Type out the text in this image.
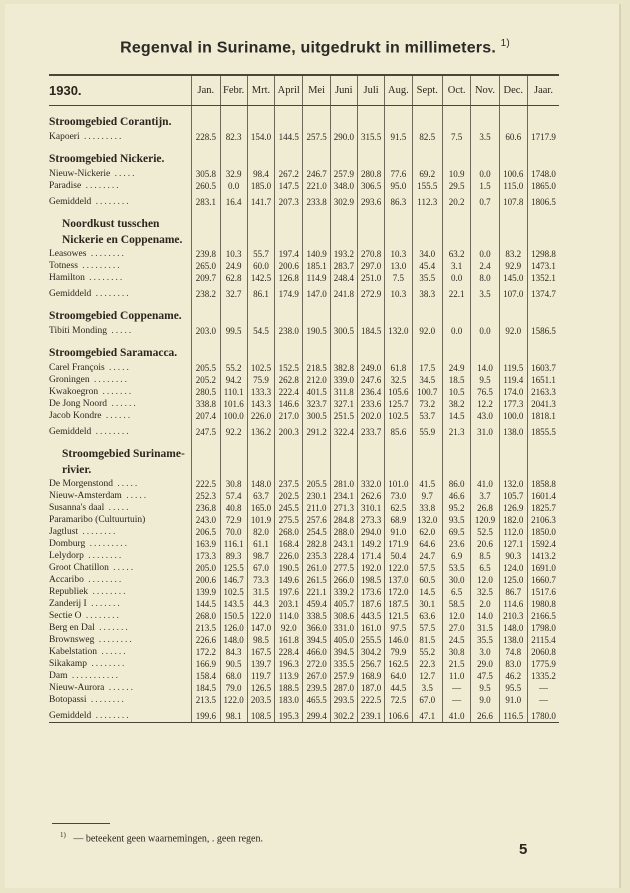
Regenval in Suriname, uitgedrukt in millimeters. $^{1)}$
1930.	Jan.	Febr.	Mrt.	April	Mei	Juni	Juli	Aug.	Sept.	Oct.	Nov.	Dec.	Jaar.

Stroomgebied Corantijn.													
Kapoeri .........	228.5	82.3	154.0	144.5	257.5	290.0	315.5	91.5	82.5	7.5	3.5	60.6	1717.9

Stroomgebied Nickerie.													
Nieuw-Nickerie .....	305.8	32.9	98.4	267.2	246.7	257.9	280.8	77.6	69.2	10.9	0.0	100.6	1748.0
Paradise ........	260.5	0.0	185.0	147.5	221.0	348.0	306.5	95.0	155.5	29.5	1.5	115.0	1865.0

Gemiddeld ........	283.1	16.4	141.7	207.3	233.8	302.9	293.6	86.3	112.3	20.2	0.7	107.8	1806.5

Noordkust tusschen Nickerie en Coppename.													
Leasowes ........	239.8	10.3	55.7	197.4	140.9	193.2	270.8	10.3	34.0	63.2	0.0	83.2	1298.8
Totness .........	265.0	24.9	60.0	200.6	185.1	283.7	297.0	13.0	45.4	3.1	2.4	92.9	1473.1
Hamilton ........	209.7	62.8	142.5	126.8	114.9	248.4	251.0	7.5	35.5	0.0	8.0	145.0	1352.1

Gemiddeld ........	238.2	32.7	86.1	174.9	147.0	241.8	272.9	10.3	38.3	22.1	3.5	107.0	1374.7

Stroomgebied Coppename.													
Tibiti Monding .....	203.0	99.5	54.5	238.0	190.5	300.5	184.5	132.0	92.0	0.0	0.0	92.0	1586.5

Stroomgebied Saramacca.													
Carel François .....	205.5	55.2	102.5	152.5	218.5	382.8	249.0	61.8	17.5	24.9	14.0	119.5	1603.7
Groningen ........	205.2	94.2	75.9	262.8	212.0	339.0	247.6	32.5	34.5	18.5	9.5	119.4	1651.1
Kwakoegron .......	280.5	110.1	133.3	222.4	401.5	311.8	236.4	105.6	100.7	10.5	76.5	174.0	2163.3
De Jong Noord ......	338.8	101.6	143.3	146.6	323.7	327.1	233.6	125.7	73.2	38.2	12.2	177.3	2041.3
Jacob Kondre ......	207.4	100.0	226.0	217.0	300.5	251.5	202.0	102.5	53.7	14.5	43.0	100.0	1818.1

Gemiddeld ........	247.5	92.2	136.2	200.3	291.2	322.4	233.7	85.6	55.9	21.3	31.0	138.0	1855.5

Stroomgebied Suriname-rivier.													
De Morgenstond .....	222.5	30.8	148.0	237.5	205.5	281.0	332.0	101.0	41.5	86.0	41.0	132.0	1858.8
Nieuw-Amsterdam .....	252.3	57.4	63.7	202.5	230.1	234.1	262.6	73.0	9.7	46.6	3.7	105.7	1601.4
Susanna's daal .....	236.8	40.8	165.0	245.5	211.0	271.3	310.1	62.5	33.8	95.2	26.8	126.9	1825.7
Paramaribo (Cultuurtuin)	243.0	72.9	101.9	275.5	257.6	284.8	273.3	68.9	132.0	93.5	120.9	182.0	2106.3
Jagtlust ........	206.5	70.0	82.0	268.0	254.5	288.0	294.0	91.0	62.0	69.5	52.5	112.0	1850.0
Domburg .........	163.9	116.1	61.1	168.4	282.8	243.1	149.2	171.9	64.6	23.6	20.6	127.1	1592.4
Lelydorp ........	173.3	89.3	98.7	226.0	235.3	228.4	171.4	50.4	24.7	6.9	8.5	90.3	1413.2
Groot Chatillon .....	205.0	125.5	67.0	190.5	261.0	277.5	192.0	122.0	57.5	53.5	6.5	124.0	1691.0
Accaribo ........	200.6	146.7	73.3	149.6	261.5	266.0	198.5	137.0	60.5	30.0	12.0	125.0	1660.7
Republiek ........	139.9	102.5	31.5	197.6	221.1	339.2	173.6	172.0	14.5	6.5	32.5	86.7	1517.6
Zanderij I .......	144.5	143.5	44.3	203.1	459.4	405.7	187.6	187.5	30.1	58.5	2.0	114.6	1980.8
Sectie O ........	268.0	150.5	122.0	114.0	338.5	308.6	443.5	121.5	63.6	12.0	14.0	210.3	2166.5
Berg en Dal .......	213.5	126.0	147.0	92.0	366.0	331.0	161.0	97.5	57.5	27.0	31.5	148.0	1798.0
Brownsweg ........	226.6	148.0	98.5	161.8	394.5	405.0	255.5	146.0	81.5	24.5	35.5	138.0	2115.4
Kabelstation ......	172.2	84.3	167.5	228.4	466.0	394.5	304.2	79.9	55.2	30.8	3.0	74.8	2060.8
Sikakamp ........	166.9	90.5	139.7	196.3	272.0	335.5	256.7	162.5	22.3	21.5	29.0	83.0	1775.9
Dam ...........	158.4	68.0	119.7	113.9	267.0	257.9	168.9	64.0	12.7	11.0	47.5	46.2	1335.2
Nieuw-Aurora ......	184.5	79.0	126.5	188.5	239.5	287.0	187.0	44.5	3.5	—	9.5	95.5	—
Botopassi ........	213.5	122.0	203.5	183.0	465.5	293.5	222.5	72.5	67.0	—	9.0	91.0	—

Gemiddeld ........	199.6	98.1	108.5	195.3	299.4	302.2	239.1	106.6	47.1	41.0	26.6	116.5	1780.0
$^{1)}$ — beteekent geen waarnemingen, . geen regen.
5
